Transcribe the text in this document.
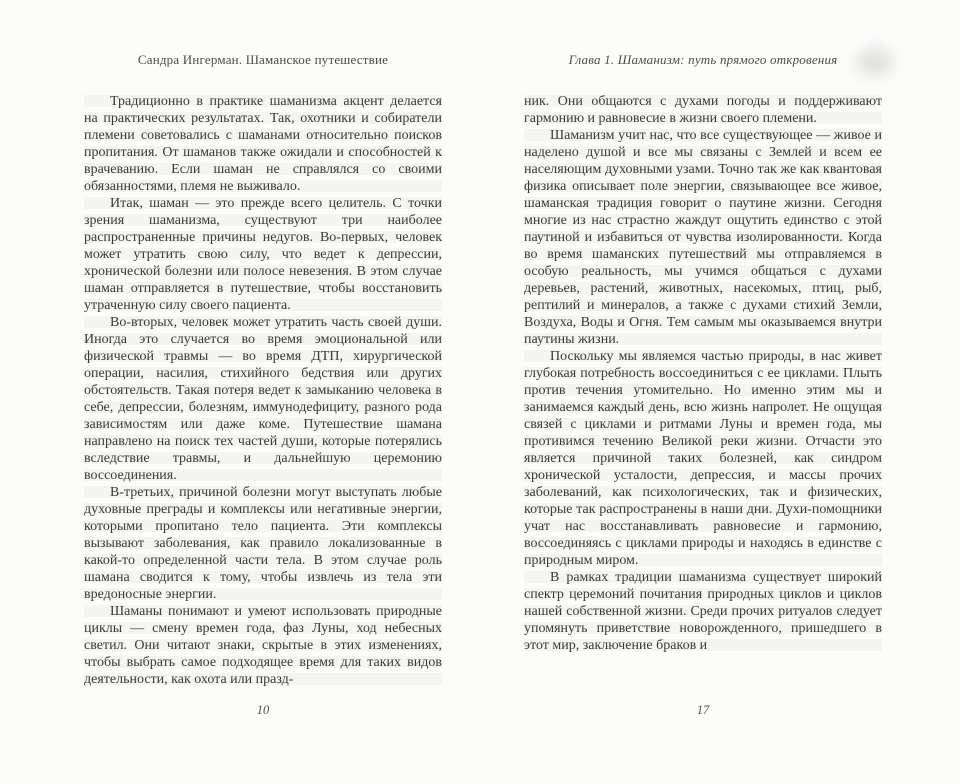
Сандра Ингерман. Шаманское путешествие

Традиционно в практике шаманизма акцент делается на практических результатах. Так, охотники и собиратели племени советовались с шаманами относительно поисков пропитания. От шаманов также ожидали и способностей к врачеванию. Если шаман не справлялся со своими обязанностями, племя не выживало.

Итак, шаман — это прежде всего целитель. С точки зрения шаманизма, существуют три наиболее распространенные причины недугов. Во-первых, человек может утратить свою силу, что ведет к депрессии, хронической болезни или полосе невезения. В этом случае шаман отправляется в путешествие, чтобы восстановить утраченную силу своего пациента.

Во-вторых, человек может утратить часть своей души. Иногда это случается во время эмоциональной или физической травмы — во время ДТП, хирургической операции, насилия, стихийного бедствия или других обстоятельств. Такая потеря ведет к замыканию человека в себе, депрессии, болезням, иммунодефициту, разного рода зависимостям или даже коме. Путешествие шамана направлено на поиск тех частей души, которые потерялись вследствие травмы, и дальнейшую церемонию воссоединения.

В-третьих, причиной болезни могут выступать любые духовные преграды и комплексы или негативные энергии, которыми пропитано тело пациента. Эти комплексы вызывают заболевания, как правило локализованные в какой-то определенной части тела. В этом случае роль шамана сводится к тому, чтобы извлечь из тела эти вредоносные энергии.

Шаманы понимают и умеют использовать природные циклы — смену времен года, фаз Луны, ход небесных светил. Они читают знаки, скрытые в этих изменениях, чтобы выбрать самое подходящее время для таких видов деятельности, как охота или празд-

10
Глава 1. Шаманизм: путь прямого откровения

ник. Они общаются с духами погоды и поддерживают гармонию и равновесие в жизни своего племени.

Шаманизм учит нас, что все существующее — живое и наделено душой и все мы связаны с Землей и всем ее населяющим духовными узами. Точно так же как квантовая физика описывает поле энергии, связывающее все живое, шаманская традиция говорит о паутине жизни. Сегодня многие из нас страстно жаждут ощутить единство с этой паутиной и избавиться от чувства изолированности. Когда во время шаманских путешествий мы отправляемся в особую реальность, мы учимся общаться с духами деревьев, растений, животных, насекомых, птиц, рыб, рептилий и минералов, а также с духами стихий Земли, Воздуха, Воды и Огня. Тем самым мы оказываемся внутри паутины жизни.

Поскольку мы являемся частью природы, в нас живет глубокая потребность воссоединиться с ее циклами. Плыть против течения утомительно. Но именно этим мы и занимаемся каждый день, всю жизнь напролет. Не ощущая связей с циклами и ритмами Луны и времен года, мы противимся течению Великой реки жизни. Отчасти это является причиной таких болезней, как синдром хронической усталости, депрессия, и массы прочих заболеваний, как психологических, так и физических, которые так распространены в наши дни. Духи-помощники учат нас восстанавливать равновесие и гармонию, воссоединяясь с циклами природы и находясь в единстве с природным миром.

В рамках традиции шаманизма существует широкий спектр церемоний почитания природных циклов и циклов нашей собственной жизни. Среди прочих ритуалов следует упомянуть приветствие новорожденного, пришедшего в этот мир, заключение браков и

17
